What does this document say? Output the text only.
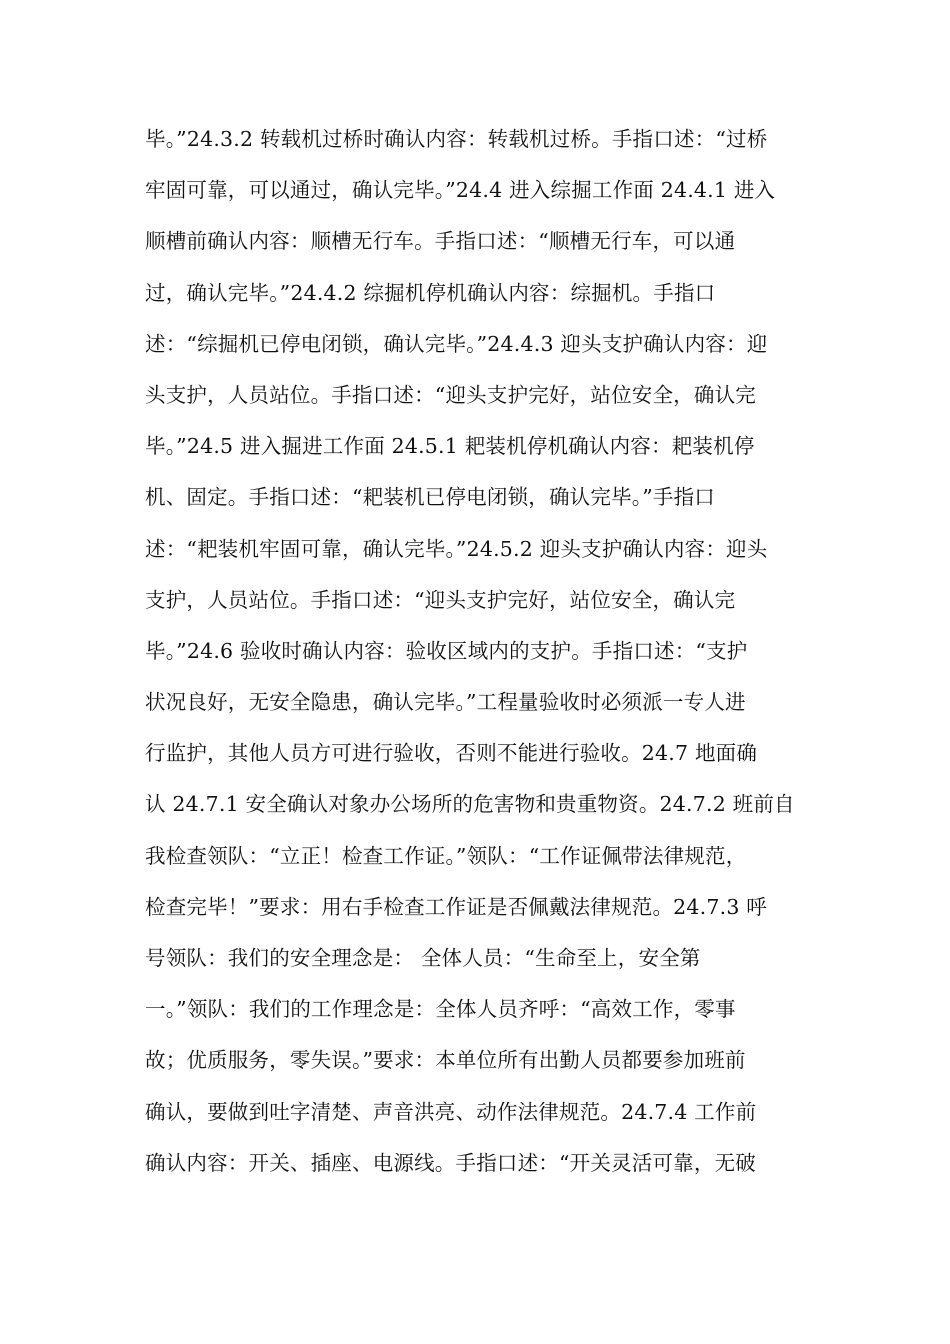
毕。”24.3.2 转载机过桥时确认内容：转载机过桥。手指口述：“过桥
牢固可靠，可以通过，确认完毕。”24.4 进入综掘工作面 24.4.1 进入
顺槽前确认内容：顺槽无行车。手指口述：“顺槽无行车，可以通
过，确认完毕。”24.4.2 综掘机停机确认内容：综掘机。手指口
述：“综掘机已停电闭锁，确认完毕。”24.4.3 迎头支护确认内容：迎
头支护，人员站位。手指口述：“迎头支护完好，站位安全，确认完
毕。”24.5 进入掘进工作面 24.5.1 耙装机停机确认内容：耙装机停
机、固定。手指口述：“耙装机已停电闭锁，确认完毕。”手指口
述：“耙装机牢固可靠，确认完毕。”24.5.2 迎头支护确认内容：迎头
支护，人员站位。手指口述：“迎头支护完好，站位安全，确认完
毕。”24.6 验收时确认内容：验收区域内的支护。手指口述：“支护
状况良好，无安全隐患，确认完毕。”工程量验收时必须派一专人进
行监护，其他人员方可进行验收，否则不能进行验收。24.7 地面确
认 24.7.1 安全确认对象办公场所的危害物和贵重物资。24.7.2 班前自
我检查领队：“立正！检查工作证。”领队：“工作证佩带法律规范，
检查完毕！”要求：用右手检查工作证是否佩戴法律规范。24.7.3 呼
号领队：我们的安全理念是： 全体人员：“生命至上，安全第
一。”领队：我们的工作理念是：全体人员齐呼：“高效工作，零事
故；优质服务，零失误。”要求：本单位所有出勤人员都要参加班前
确认，要做到吐字清楚、声音洪亮、动作法律规范。24.7.4 工作前
确认内容：开关、插座、电源线。手指口述：“开关灵活可靠，无破
